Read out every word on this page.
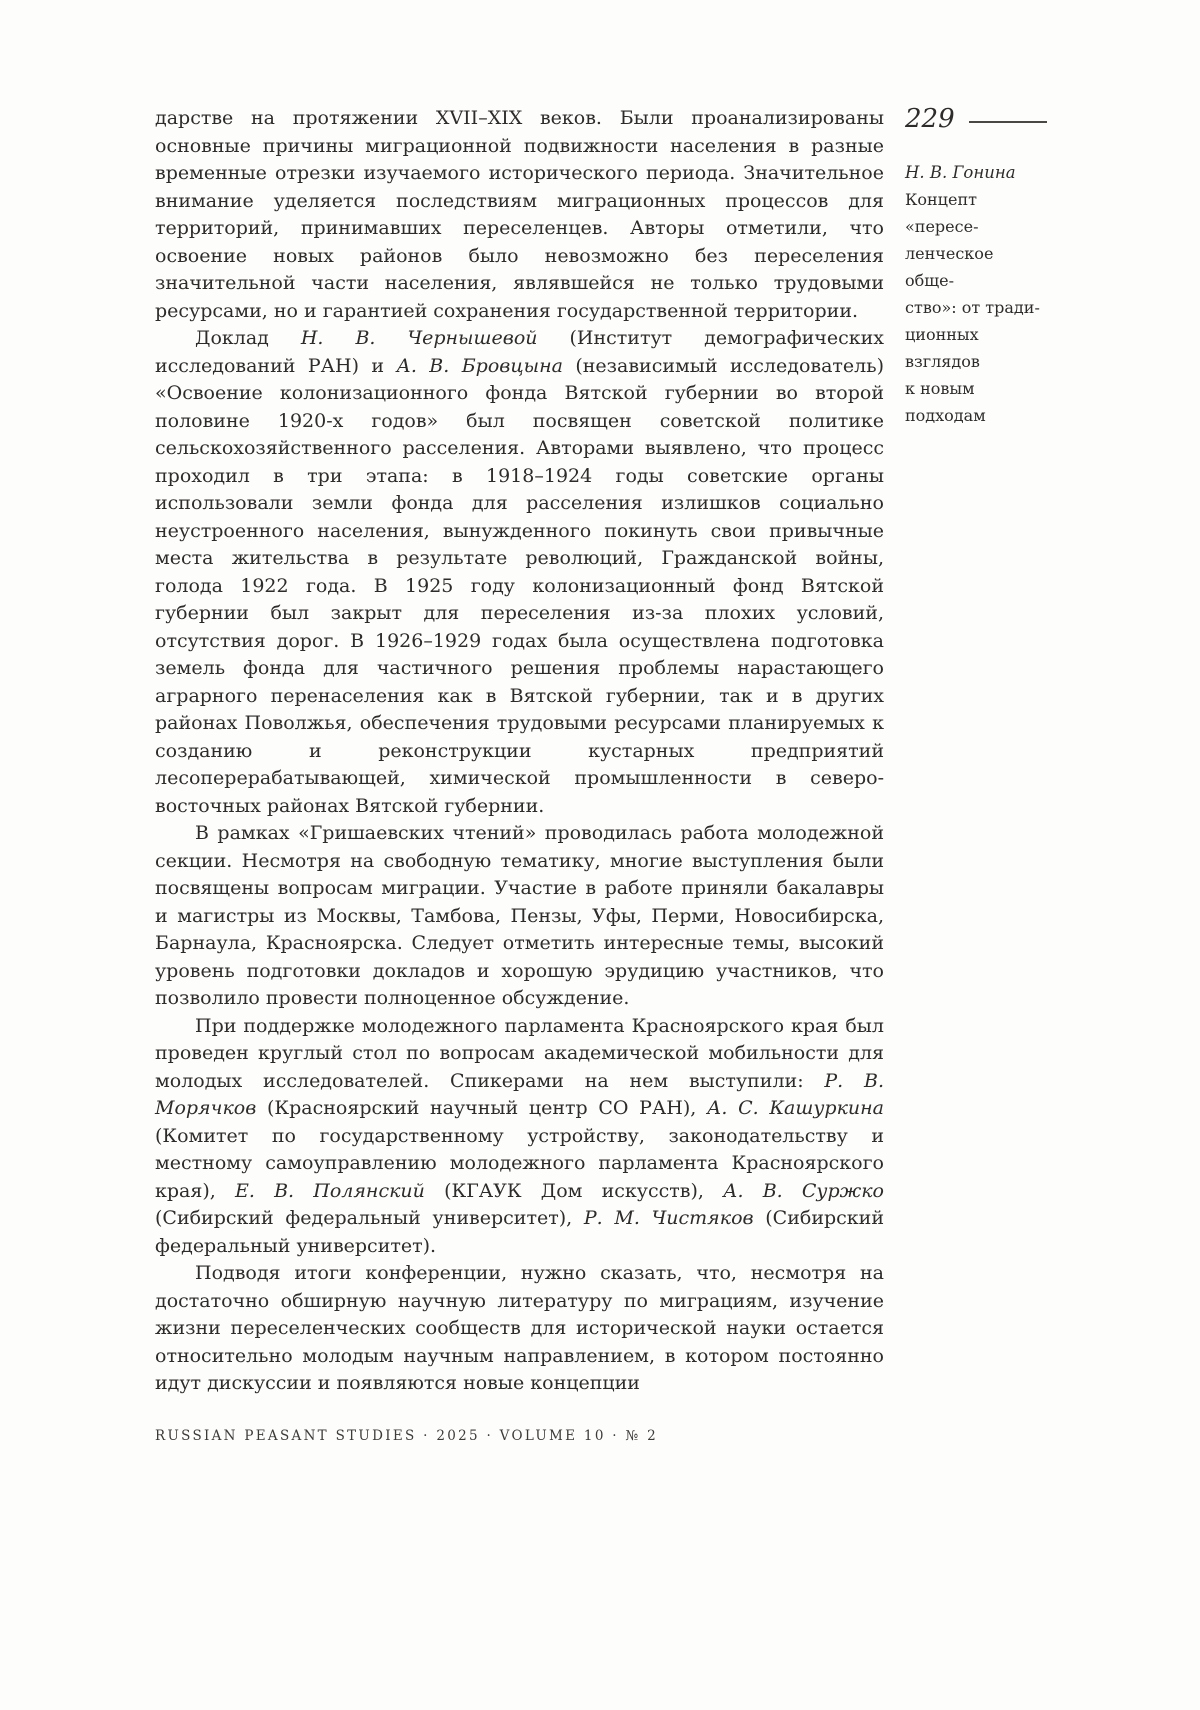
дарстве на протяжении XVII–XIX веков. Были проанализированы основные причины миграционной подвижности населения в разные временные отрезки изучаемого исторического периода. Значительное внимание уделяется последствиям миграционных процессов для территорий, принимавших переселенцев. Авторы отметили, что освоение новых районов было невозможно без переселения значительной части населения, являвшейся не только трудовыми ресурсами, но и гарантией сохранения государственной территории.

Доклад Н. В. Чернышевой (Институт демографических исследований РАН) и А. В. Бровцына (независимый исследователь) «Освоение колонизационного фонда Вятской губернии во второй половине 1920-х годов» был посвящен советской политике сельскохозяйственного расселения. Авторами выявлено, что процесс проходил в три этапа: в 1918–1924 годы советские органы использовали земли фонда для расселения излишков социально неустроенного населения, вынужденного покинуть свои привычные места жительства в результате революций, Гражданской войны, голода 1922 года. В 1925 году колонизационный фонд Вятской губернии был закрыт для переселения из-за плохих условий, отсутствия дорог. В 1926–1929 годах была осуществлена подготовка земель фонда для частичного решения проблемы нарастающего аграрного перенаселения как в Вятской губернии, так и в других районах Поволжья, обеспечения трудовыми ресурсами планируемых к созданию и реконструкции кустарных предприятий лесоперерабатывающей, химической промышленности в северо-восточных районах Вятской губернии.

В рамках «Гришаевских чтений» проводилась работа молодежной секции. Несмотря на свободную тематику, многие выступления были посвящены вопросам миграции. Участие в работе приняли бакалавры и магистры из Москвы, Тамбова, Пензы, Уфы, Перми, Новосибирска, Барнаула, Красноярска. Следует отметить интересные темы, высокий уровень подготовки докладов и хорошую эрудицию участников, что позволило провести полноценное обсуждение.

При поддержке молодежного парламента Красноярского края был проведен круглый стол по вопросам академической мобильности для молодых исследователей. Спикерами на нем выступили: Р. В. Морячков (Красноярский научный центр СО РАН), А. С. Кашуркина (Комитет по государственному устройству, законодательству и местному самоуправлению молодежного парламента Красноярского края), Е. В. Полянский (КГАУК Дом искусств), А. В. Суржко (Сибирский федеральный университет), Р. М. Чистяков (Сибирский федеральный университет).

Подводя итоги конференции, нужно сказать, что, несмотря на достаточно обширную научную литературу по миграциям, изучение жизни переселенческих сообществ для исторической науки остается относительно молодым научным направлением, в котором постоянно идут дискуссии и появляются новые концепции

229
Н. В. Гонина
Концепт «пересе-
ленческое обще-
ство»: от тради-
ционных взглядов
к новым подходам
RUSSIAN PEASANT STUDIES · 2025 · VOLUME 10 · № 2
